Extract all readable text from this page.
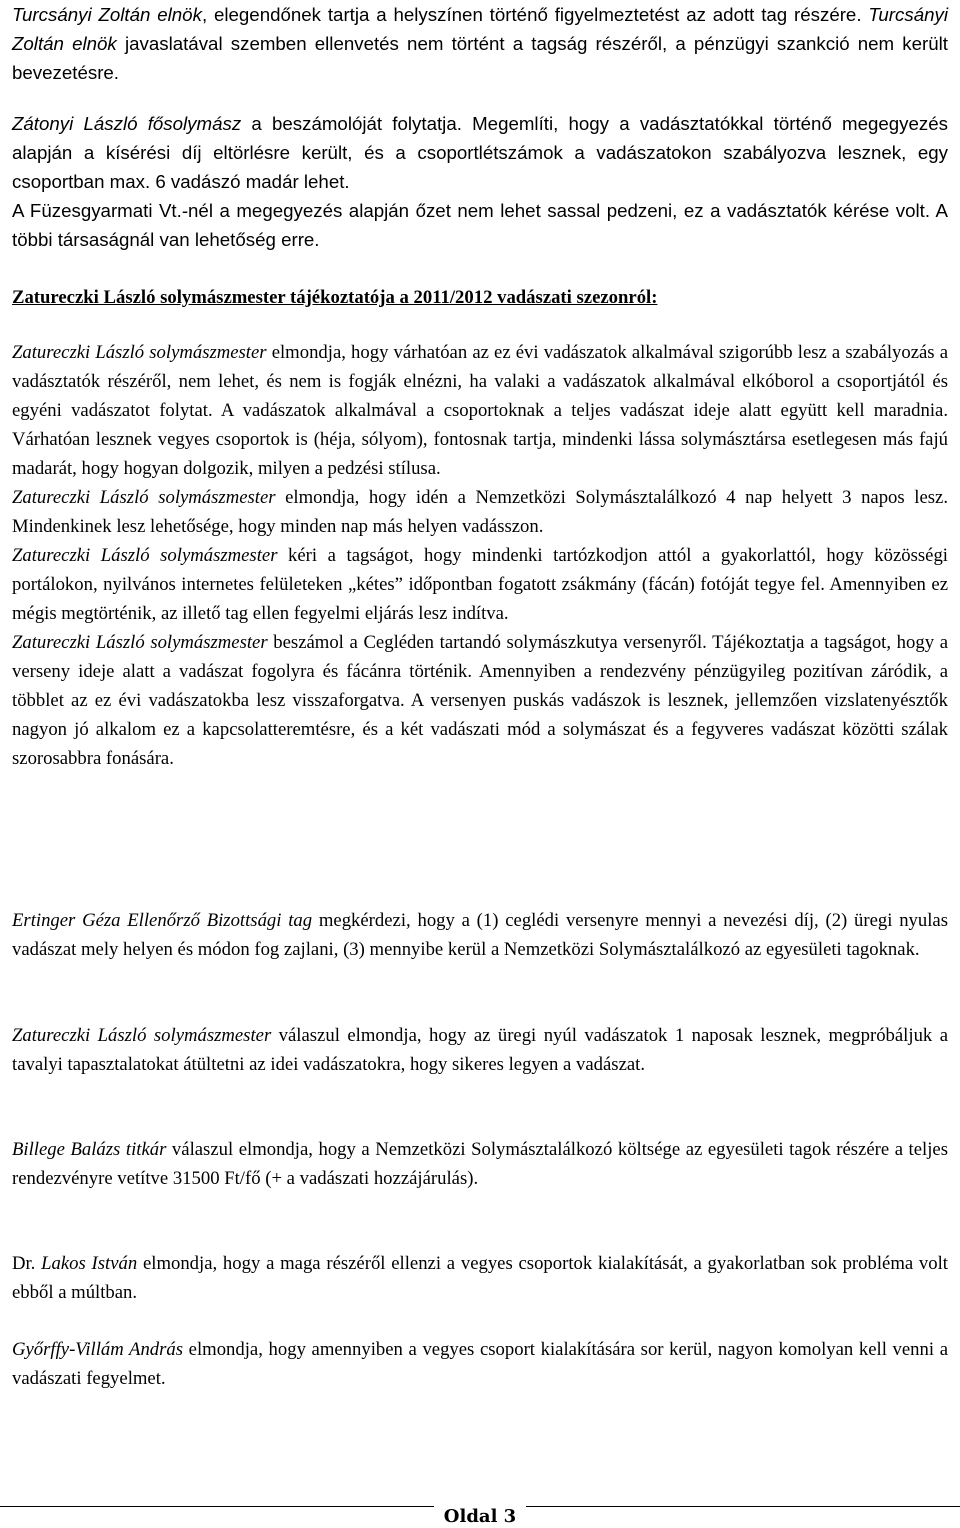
Turcsányi Zoltán elnök, elegendőnek tartja a helyszínen történő figyelmeztetést az adott tag részére. Turcsányi Zoltán elnök javaslatával szemben ellenvetés nem történt a tagság részéről, a pénzügyi szankció nem került bevezetésre.

Zátonyi László fősolymász a beszámolóját folytatja. Megemlíti, hogy a vadásztatókkal történő megegyezés alapján a kísérési díj eltörlésre került, és a csoportlétszámok a vadászatokon szabályozva lesznek, egy csoportban max. 6 vadászó madár lehet.

A Füzesgyarmati Vt.-nél a megegyezés alapján őzet nem lehet sassal pedzeni, ez a vadásztatók kérése volt. A többi társaságnál van lehetőség erre.

Zatureczki László solymászmester tájékoztatója a 2011/2012 vadászati szezonról:

Zatureczki László solymászmester elmondja, hogy várhatóan az ez évi vadászatok alkalmával szigorúbb lesz a szabályozás a vadásztatók részéről, nem lehet, és nem is fogják elnézni, ha valaki a vadászatok alkalmával elkóborol a csoportjától és egyéni vadászatot folytat. A vadászatok alkalmával a csoportoknak a teljes vadászat ideje alatt együtt kell maradnia. Várhatóan lesznek vegyes csoportok is (héja, sólyom), fontosnak tartja, mindenki lássa solymásztársa esetlegesen más fajú madarát, hogy hogyan dolgozik, milyen a pedzési stílusa.

Zatureczki László solymászmester elmondja, hogy idén a Nemzetközi Solymásztalálkozó 4 nap helyett 3 napos lesz. Mindenkinek lesz lehetősége, hogy minden nap más helyen vadásszon.

Zatureczki László solymászmester kéri a tagságot, hogy mindenki tartózkodjon attól a gyakorlattól, hogy közösségi portálokon, nyilvános internetes felületeken „kétes” időpontban fogatott zsákmány (fácán) fotóját tegye fel. Amennyiben ez mégis megtörténik, az illető tag ellen fegyelmi eljárás lesz indítva.

Zatureczki László solymászmester beszámol a Cegléden tartandó solymászkutya versenyről. Tájékoztatja a tagságot, hogy a verseny ideje alatt a vadászat fogolyra és fácánra történik. Amennyiben a rendezvény pénzügyileg pozitívan záródik, a többlet az ez évi vadászatokba lesz visszaforgatva. A versenyen puskás vadászok is lesznek, jellemzően vizslatenyésztők nagyon jó alkalom ez a kapcsolatteremtésre, és a két vadászati mód a solymászat és a fegyveres vadászat közötti szálak szorosabbra fonására.

Ertinger Géza Ellenőrző Bizottsági tag megkérdezi, hogy a (1) ceglédi versenyre mennyi a nevezési díj, (2) üregi nyulas vadászat mely helyen és módon fog zajlani, (3) mennyibe kerül a Nemzetközi Solymásztalálkozó az egyesületi tagoknak.

Zatureczki László solymászmester válaszul elmondja, hogy az üregi nyúl vadászatok 1 naposak lesznek, megpróbáljuk a tavalyi tapasztalatokat átültetni az idei vadászatokra, hogy sikeres legyen a vadászat.

Billege Balázs titkár válaszul elmondja, hogy a Nemzetközi Solymásztalálkozó költsége az egyesületi tagok részére a teljes rendezvényre vetítve 31500 Ft/fő (+ a vadászati hozzájárulás).

Dr. Lakos István elmondja, hogy a maga részéről ellenzi a vegyes csoportok kialakítását, a gyakorlatban sok probléma volt ebből a múltban.

Győrffy-Villám András elmondja, hogy amennyiben a vegyes csoport kialakítására sor kerül, nagyon komolyan kell venni a vadászati fegyelmet.

Oldal 3
